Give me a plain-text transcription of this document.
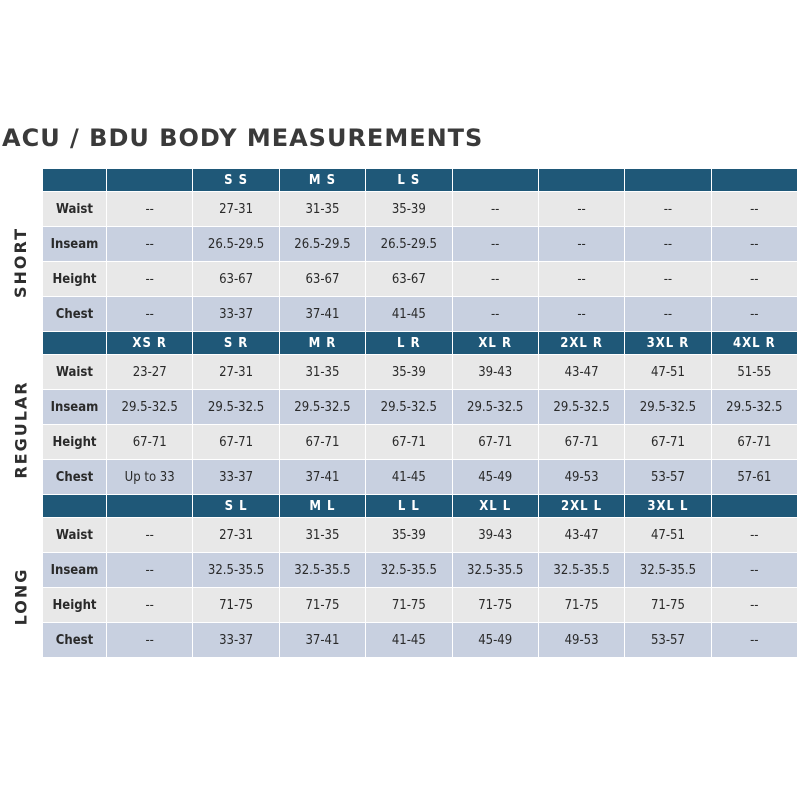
ACU / BDU BODY MEASUREMENTS
SHORT
REGULAR
LONG
		S S	M S	L S				
Waist	--	27-31	31-35	35-39	--	--	--	--
Inseam	--	26.5-29.5	26.5-29.5	26.5-29.5	--	--	--	--
Height	--	63-67	63-67	63-67	--	--	--	--
Chest	--	33-37	37-41	41-45	--	--	--	--
	XS R	S R	M R	L R	XL R	2XL R	3XL R	4XL R
Waist	23-27	27-31	31-35	35-39	39-43	43-47	47-51	51-55
Inseam	29.5-32.5	29.5-32.5	29.5-32.5	29.5-32.5	29.5-32.5	29.5-32.5	29.5-32.5	29.5-32.5
Height	67-71	67-71	67-71	67-71	67-71	67-71	67-71	67-71
Chest	Up to 33	33-37	37-41	41-45	45-49	49-53	53-57	57-61
		S L	M L	L L	XL L	2XL L	3XL L	
Waist	--	27-31	31-35	35-39	39-43	43-47	47-51	--
Inseam	--	32.5-35.5	32.5-35.5	32.5-35.5	32.5-35.5	32.5-35.5	32.5-35.5	--
Height	--	71-75	71-75	71-75	71-75	71-75	71-75	--
Chest	--	33-37	37-41	41-45	45-49	49-53	53-57	--
